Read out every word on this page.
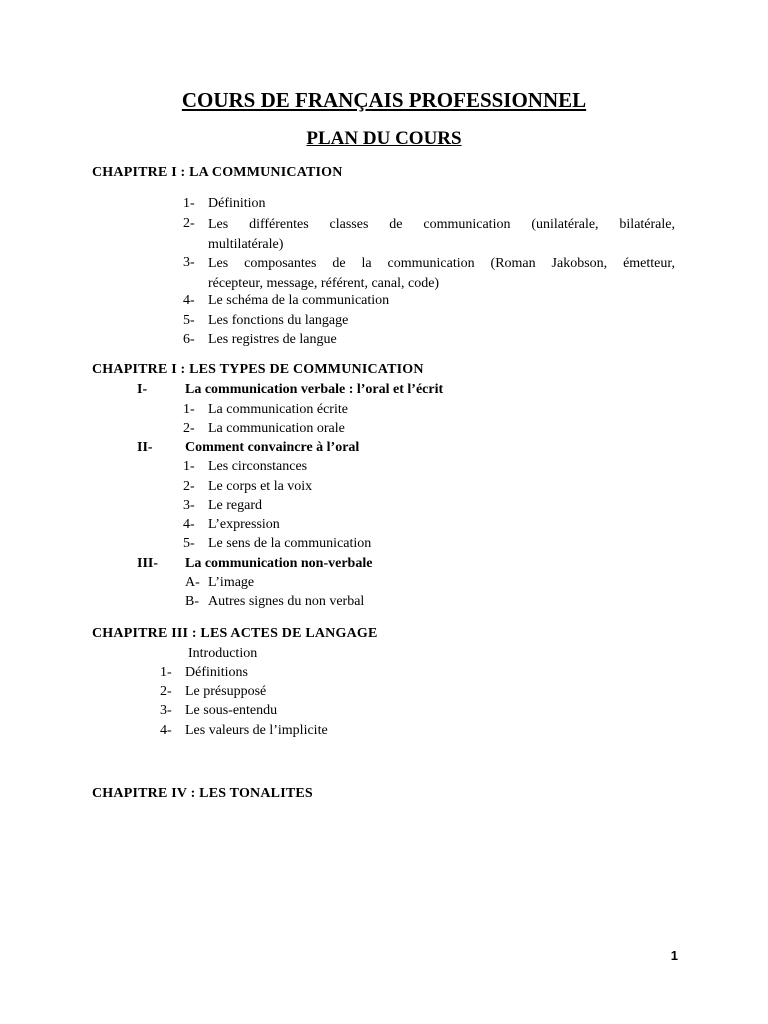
COURS DE FRANÇAIS PROFESSIONNEL
PLAN DU COURS
CHAPITRE I : LA COMMUNICATION
1- Définition
2- Les différentes classes de communication (unilatérale, bilatérale,
multilatérale)
3- Les composantes de la communication (Roman Jakobson, émetteur,
récepteur, message, référent, canal, code)
4- Le schéma de la communication
5- Les fonctions du langage
6- Les registres de langue
CHAPITRE I : LES TYPES DE COMMUNICATION
I-	La communication verbale : l’oral et l’écrit
1- La communication écrite
2- La communication orale
II- Comment convaincre à l’oral
1- Les circonstances
2- Le corps et la voix
3- Le regard
4- L’expression
5- Le sens de la communication
III- La communication non-verbale
A- L’image
B- Autres signes du non verbal
CHAPITRE III : LES ACTES DE LANGAGE
Introduction
1- Définitions
2- Le présupposé
3- Le sous-entendu
4- Les valeurs de l’implicite
CHAPITRE IV : LES TONALITES
1
